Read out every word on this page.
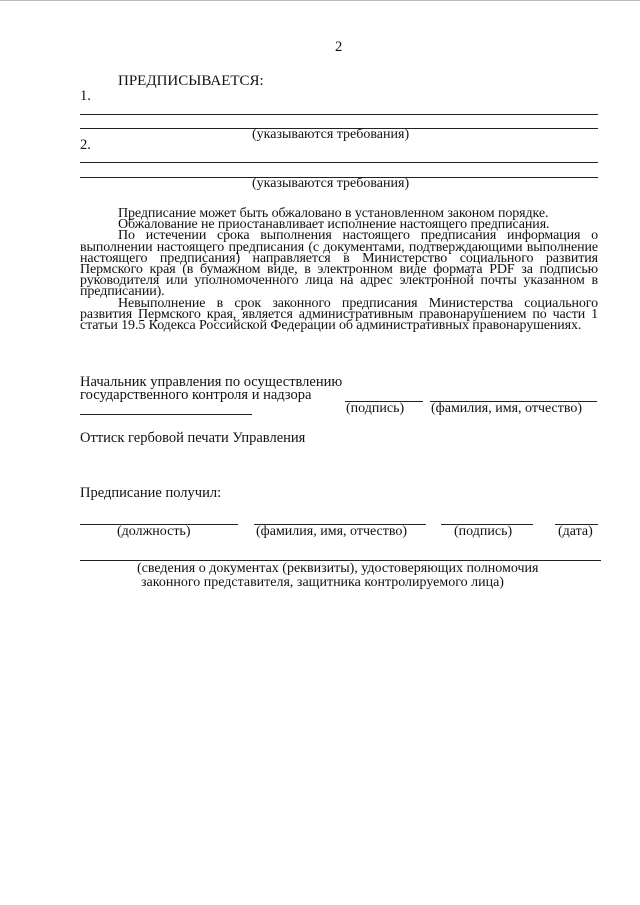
2
ПРЕДПИСЫВАЕТСЯ:
1.
(указываются требования)
2.
(указываются требования)

Предписание может быть обжаловано в установленном законом порядке.

Обжалование не приостанавливает исполнение настоящего предписания.

По истечении срока выполнения настоящего предписания информация о выполнении настоящего предписания (с документами, подтверждающими выполнение настоящего предписания) направляется в Министерство социального развития Пермского края (в бумажном виде, в электронном виде формата PDF за подписью руководителя или уполномоченного лица на адрес электронной почты указанном в предписании).

Невыполнение в срок законного предписания Министерства социального развития Пермского края, является административным правонарушением по части 1 статьи 19.5 Кодекса Российской Федерации об административных правонарушениях.

Начальник управления по осуществлению
государственного контроля и надзора
(подпись) (фамилия, имя, отчество)
Оттиск гербовой печати Управления
Предписание получил:
(должность)	(фамилия, имя, отчество)	(подпись)	(дата)
(сведения о документах (реквизиты), удостоверяющих полномочия
законного представителя, защитника контролируемого лица)
